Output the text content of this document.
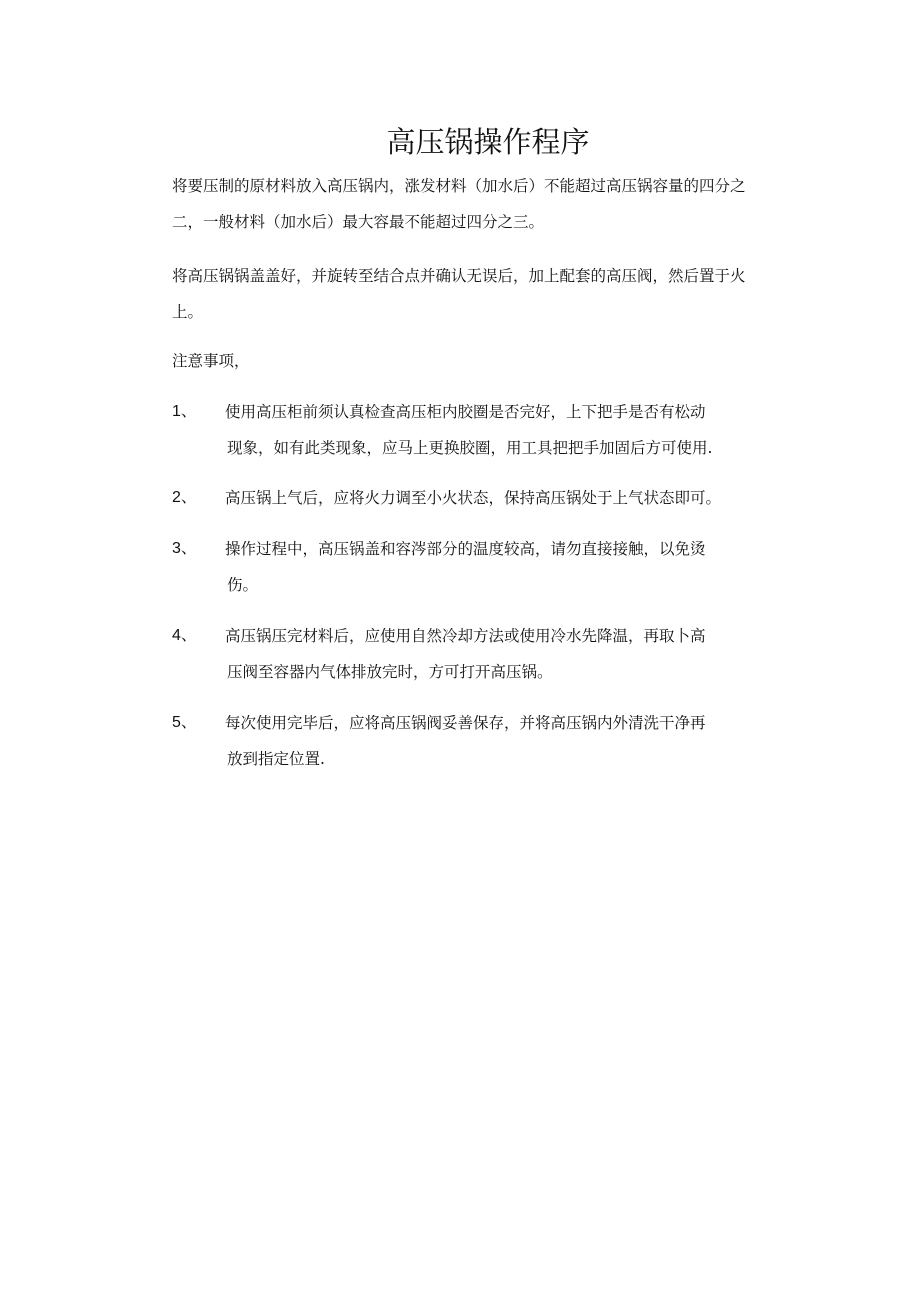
高压锅操作程序
将要压制的原材料放入高压锅内，涨发材料（加水后）不能超过高压锅容量的四分之
二，一般材料（加水后）最大容最不能超过四分之三。
将高压锅锅盖盖好，并旋转至结合点并确认无误后，加上配套的高压阀，然后置于火
上。
注意事项，
1、 使用高压柜前须认真检查高压柜内胶圈是否完好，上下把手是否有松动
现象，如有此类现象，应马上更换胶圈，用工具把把手加固后方可使用.
2、 高压锅上气后，应将火力调至小火状态，保持高压锅处于上气状态即可。
3、 操作过程中，高压锅盖和容涔部分的温度较高，请勿直接接触，以免烫
伤。
4、 高压锅压完材料后，应使用自然冷却方法或使用冷水先降温，再取卜高
压阀至容器内气体排放完时，方可打开高压锅。
5、 每次使用完毕后，应将高压锅阀妥善保存，并将高压锅内外清洗干净再
放到指定位置.
